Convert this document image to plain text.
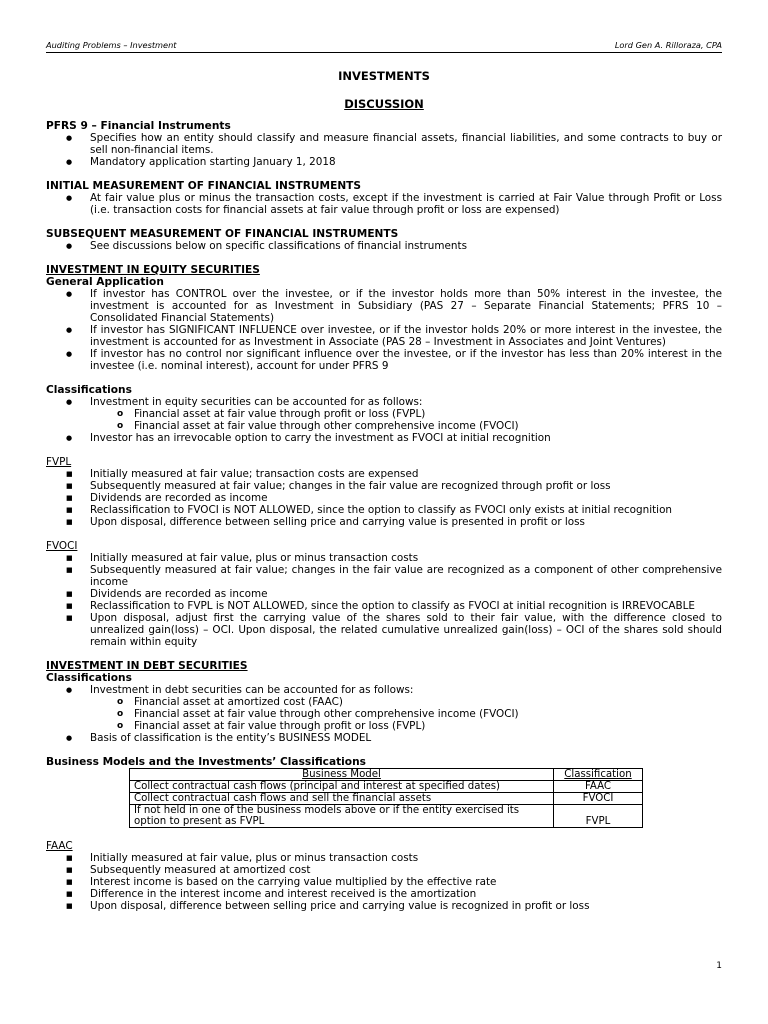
Auditing Problems – Investment	Lord Gen A. Rilloraza, CPA
INVESTMENTS
DISCUSSION
PFRS 9 – Financial Instruments
● Specifies how an entity should classify and measure financial assets, financial liabilities, and some contracts to buy or sell non-financial items.
● Mandatory application starting January 1, 2018
INITIAL MEASUREMENT OF FINANCIAL INSTRUMENTS
● At fair value plus or minus the transaction costs, except if the investment is carried at Fair Value through Profit or Loss (i.e. transaction costs for financial assets at fair value through profit or loss are expensed)
SUBSEQUENT MEASUREMENT OF FINANCIAL INSTRUMENTS
● See discussions below on specific classifications of financial instruments
INVESTMENT IN EQUITY SECURITIES
General Application
● If investor has CONTROL over the investee, or if the investor holds more than 50% interest in the investee, the investment is accounted for as Investment in Subsidiary (PAS 27 – Separate Financial Statements; PFRS 10 – Consolidated Financial Statements)
● If investor has SIGNIFICANT INFLUENCE over investee, or if the investor holds 20% or more interest in the investee, the investment is accounted for as Investment in Associate (PAS 28 – Investment in Associates and Joint Ventures)
● If investor has no control nor significant influence over the investee, or if the investor has less than 20% interest in the investee (i.e. nominal interest), account for under PFRS 9
Classifications
● Investment in equity securities can be accounted for as follows:
o Financial asset at fair value through profit or loss (FVPL)
o Financial asset at fair value through other comprehensive income (FVOCI)
● Investor has an irrevocable option to carry the investment as FVOCI at initial recognition
FVPL
■ Initially measured at fair value; transaction costs are expensed
■ Subsequently measured at fair value; changes in the fair value are recognized through profit or loss
■ Dividends are recorded as income
■ Reclassification to FVOCI is NOT ALLOWED, since the option to classify as FVOCI only exists at initial recognition
■ Upon disposal, difference between selling price and carrying value is presented in profit or loss
FVOCI
■ Initially measured at fair value, plus or minus transaction costs
■ Subsequently measured at fair value; changes in the fair value are recognized as a component of other comprehensive income
■ Dividends are recorded as income
■ Reclassification to FVPL is NOT ALLOWED, since the option to classify as FVOCI at initial recognition is IRREVOCABLE
■ Upon disposal, adjust first the carrying value of the shares sold to their fair value, with the difference closed to unrealized gain(loss) – OCI. Upon disposal, the related cumulative unrealized gain(loss) – OCI of the shares sold should remain within equity
INVESTMENT IN DEBT SECURITIES
Classifications
● Investment in debt securities can be accounted for as follows:
o Financial asset at amortized cost (FAAC)
o Financial asset at fair value through other comprehensive income (FVOCI)
o Financial asset at fair value through profit or loss (FVPL)
● Basis of classification is the entity’s BUSINESS MODEL
Business Models and the Investments’ Classifications
Business Model	Classification
Collect contractual cash flows (principal and interest at specified dates)	FAAC
Collect contractual cash flows and sell the financial assets	FVOCI
If not held in one of the business models above or if the entity exercised its option to present as FVPL	FVPL
FAAC
■ Initially measured at fair value, plus or minus transaction costs
■ Subsequently measured at amortized cost
■ Interest income is based on the carrying value multiplied by the effective rate
■ Difference in the interest income and interest received is the amortization
■ Upon disposal, difference between selling price and carrying value is recognized in profit or loss
1
